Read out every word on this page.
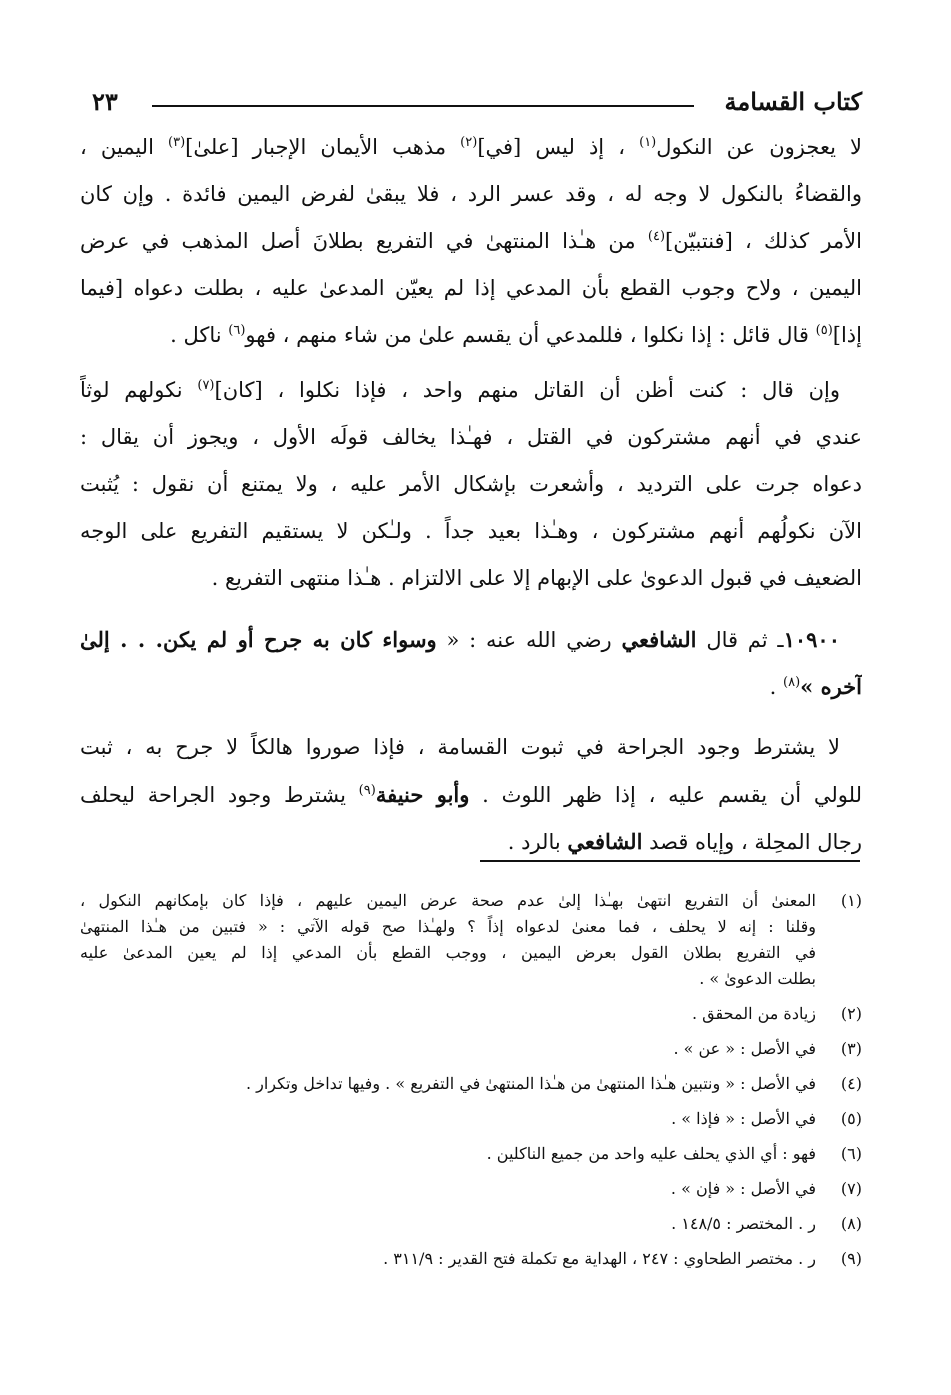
كتاب القسامة
٢٣
لا يعجزون عن النكول$^{(١)}$ ، إذ ليس [في]$^{(٢)}$ مذهب الأيمان الإجبار [علىٰ]$^{(٣)}$ اليمين ،
والقضاءُ بالنكول لا وجه له ، وقد عسر الرد ، فلا يبقىٰ لفرض اليمين فائدة . وإن كان
الأمر كذلك ، [فنتبيّن]$^{(٤)}$ من هـٰذا المنتهىٰ في التفريع بطلانَ أصل المذهب في عرض
اليمين ، ولاح وجوب القطع بأن المدعي إذا لم يعيّن المدعىٰ عليه ، بطلت دعواه [فيما
إذا]$^{(٥)}$ قال قائل : إذا نكلوا ، فللمدعي أن يقسم علىٰ من شاء منهم ، فهو$^{(٦)}$ ناكل .
وإن قال : كنت أظن أن القاتل منهم واحد ، فإذا نكلوا ، [كان]$^{(٧)}$ نكولهم لوثاً
عندي في أنهم مشتركون في القتل ، فهـٰذا يخالف قولَه الأول ، ويجوز أن يقال :
دعواه جرت على الترديد ، وأشعرت بإشكال الأمر عليه ، ولا يمتنع أن نقول : يُثبت
الآن نكولُهم أنهم مشتركون ، وهـٰذا بعيد جداً . ولـٰكن لا يستقيم التفريع على الوجه
الضعيف في قبول الدعوىٰ على الإبهام إلا على الالتزام . هـٰذا منتهى التفريع .
١٠٩٠٠ـ ثم قال الشافعي رضي الله عنه : « وسواء كان به جرح أو لم يكن. . . إلىٰ
آخره »$^{(٨)}$ .
لا يشترط وجود الجراحة في ثبوت القسامة ، فإذا صوروا هالكاً لا جرح به ، ثبت
للولي أن يقسم عليه ، إذا ظهر اللوث . وأبو حنيفة$^{(٩)}$ يشترط وجود الجراحة ليحلف
رجال المحِلة ، وإياه قصد الشافعي بالرد .
(١)
المعنىٰ أن التفريع انتهىٰ بهـٰذا إلىٰ عدم صحة عرض اليمين عليهم ، فإذا كان بإمكانهم النكول ،
وقلنا : إنه لا يحلف ، فما معنىٰ لدعواه إذاً ؟ ولهـٰذا صح قوله الآتي : « فتبين من هـٰذا المنتهىٰ
في التفريع بطلان القول بعرض اليمين ، ووجب القطع بأن المدعي إذا لم يعين المدعىٰ عليه
بطلت الدعوىٰ » .
(٢)
زيادة من المحقق .
(٣)
في الأصل : « عن » .
(٤)
في الأصل : « ونتبين هـٰذا المنتهىٰ من هـٰذا المنتهىٰ في التفريع » . وفيها تداخل وتكرار .
(٥)
في الأصل : « فإذا » .
(٦)
فهو : أي الذي يحلف عليه واحد من جميع الناكلين .
(٧)
في الأصل : « فإن » .
(٨)
ر . المختصر : ١٤٨/٥ .
(٩)
ر . مختصر الطحاوي : ٢٤٧ ، الهداية مع تكملة فتح القدير : ٣١١/٩ .
